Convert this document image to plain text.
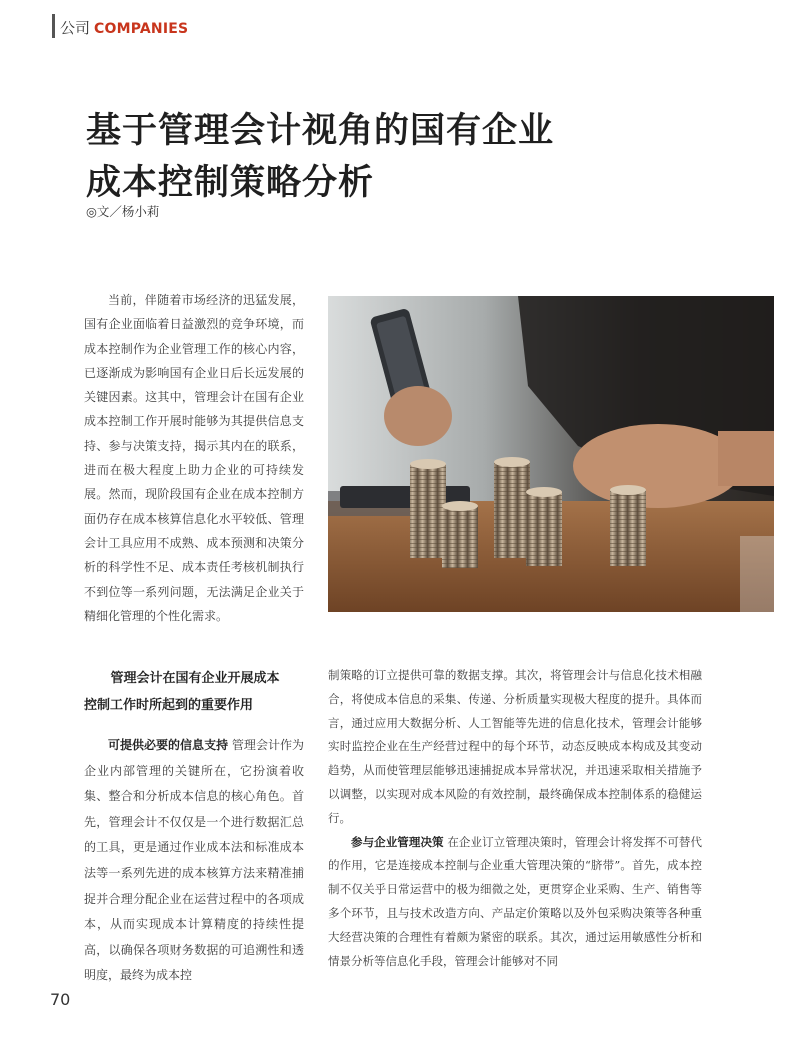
公司 COMPANIES
基于管理会计视角的国有企业
成本控制策略分析
◎文／杨小莉

当前，伴随着市场经济的迅猛发展，国有企业面临着日益激烈的竞争环境，而成本控制作为企业管理工作的核心内容，已逐渐成为影响国有企业日后长远发展的关键因素。这其中，管理会计在国有企业成本控制工作开展时能够为其提供信息支持、参与决策支持，揭示其内在的联系，进而在极大程度上助力企业的可持续发展。然而，现阶段国有企业在成本控制方面仍存在成本核算信息化水平较低、管理会计工具应用不成熟、成本预测和决策分析的科学性不足、成本责任考核机制执行不到位等一系列问题，无法满足企业关于精细化管理的个性化需求。

管理会计在国有企业开展成本
控制工作时所起到的重要作用

可提供必要的信息支持 管理会计作为企业内部管理的关键所在，它扮演着收集、整合和分析成本信息的核心角色。首先，管理会计不仅仅是一个进行数据汇总的工具，更是通过作业成本法和标准成本法等一系列先进的成本核算方法来精准捕捉并合理分配企业在运营过程中的各项成本，从而实现成本计算精度的持续性提高，以确保各项财务数据的可追溯性和透明度，最终为成本控

制策略的订立提供可靠的数据支撑。其次，将管理会计与信息化技术相融合，将使成本信息的采集、传递、分析质量实现极大程度的提升。具体而言，通过应用大数据分析、人工智能等先进的信息化技术，管理会计能够实时监控企业在生产经营过程中的每个环节，动态反映成本构成及其变动趋势，从而使管理层能够迅速捕捉成本异常状况，并迅速采取相关措施予以调整，以实现对成本风险的有效控制，最终确保成本控制体系的稳健运行。

参与企业管理决策 在企业订立管理决策时，管理会计将发挥不可替代的作用，它是连接成本控制与企业重大管理决策的“脐带”。首先，成本控制不仅关乎日常运营中的极为细微之处，更贯穿企业采购、生产、销售等多个环节，且与技术改造方向、产品定价策略以及外包采购决策等各种重大经营决策的合理性有着颇为紧密的联系。其次，通过运用敏感性分析和情景分析等信息化手段，管理会计能够对不同

70
